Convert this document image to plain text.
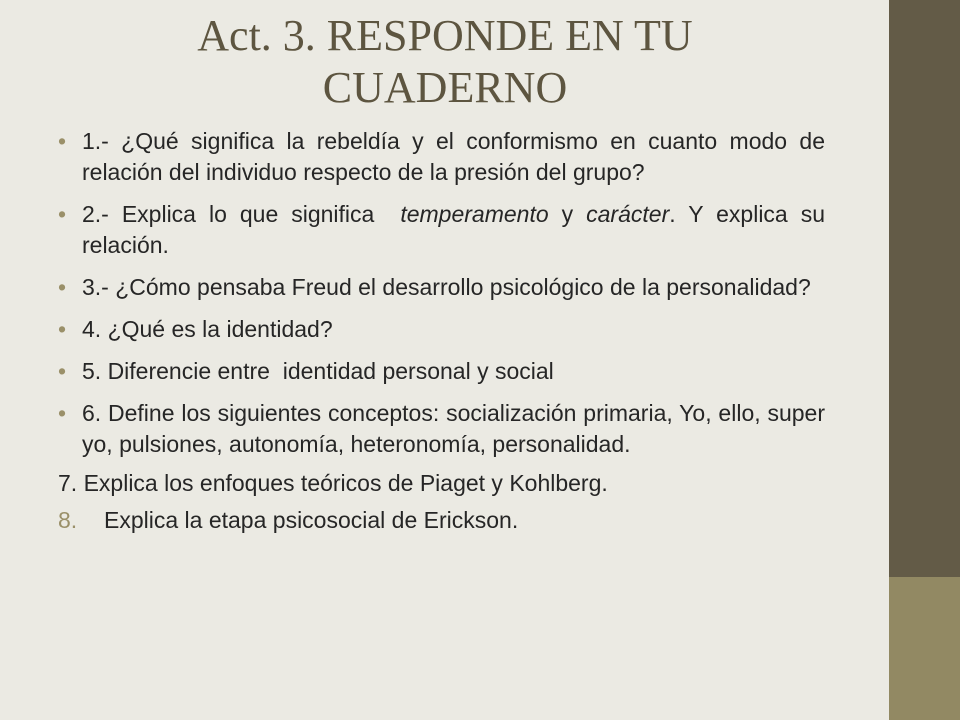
Act. 3. RESPONDE EN TU
CUADERNO
• 1.- ¿Qué significa la rebeldía y el conformismo en cuanto modo de relación del individuo respecto de la presión del grupo?
• 2.- Explica lo que significa  temperamento y carácter. Y explica su relación.
• 3.- ¿Cómo pensaba Freud el desarrollo psicológico de la personalidad?
• 4. ¿Qué es la identidad?
• 5. Diferencie entre  identidad personal y social
• 6. Define los siguientes conceptos: socialización primaria, Yo, ello, super yo, pulsiones, autonomía, heteronomía, personalidad.
7. Explica los enfoques teóricos de Piaget y Kohlberg.
8. Explica la etapa psicosocial de Erickson.
